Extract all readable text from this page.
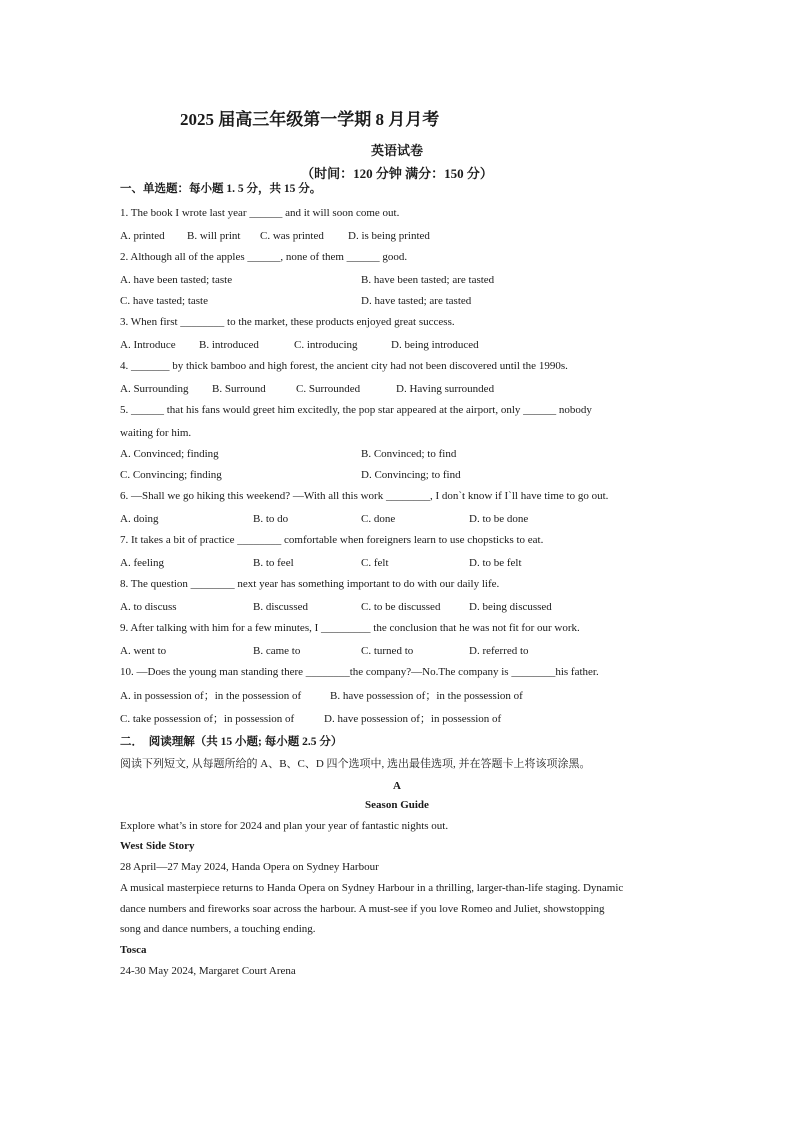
2025 届高三年级第一学期 8 月月考
英语试卷
（时间：120 分钟 满分：150 分）
一、单选题：每小题 1. 5 分，共 15 分。
1. The book I wrote last year ______ and it will soon come out.
A. printed B. will print C. was printed D. is being printed
2. Although all of the apples ______, none of them ______ good.
A. have been tasted; taste	B. have been tasted; are tasted
C. have tasted; taste	D. have tasted; are tasted
3. When first ________ to the market, these products enjoyed great success.
A. Introduce B. introduced	C. introducing	D. being introduced
4. _______ by thick bamboo and high forest, the ancient city had not been discovered until the 1990s.
A. Surrounding B. Surround	C. Surrounded	D. Having surrounded
5. ______ that his fans would greet him excitedly, the pop star appeared at the airport, only ______ nobody
waiting for him.
A. Convinced; finding	B. Convinced; to find
C. Convincing; finding	D. Convincing; to find
6. —Shall we go hiking this weekend? —With all this work ________, I don`t know if I`ll have time to go out.
A. doing	B. to do	C. done	D. to be done
7. It takes a bit of practice ________ comfortable when foreigners learn to use chopsticks to eat.
A. feeling	B. to feel	C. felt	D. to be felt
8. The question ________ next year has something important to do with our daily life.
A. to discuss	B. discussed	C. to be discussed	D. being discussed
9. After talking with him for a few minutes, I _________ the conclusion that he was not fit for our work.
A. went to	B. came to	C. turned to	D. referred to
10. —Does the young man standing there ________the company?—No.The company is ________his father.
A. in possession of；in the possession of	B. have possession of；in the possession of
C. take possession of；in possession of	D. have possession of；in possession of
二．  阅读理解（共 15 小题; 每小题 2.5 分）
阅读下列短文, 从每题所给的 A、B、C、D 四个选项中, 选出最佳选项, 并在答题卡上将该项涂黑。
A
Season Guide
Explore what’s in store for 2024 and plan your year of fantastic nights out.
West Side Story
28 April—27 May 2024, Handa Opera on Sydney Harbour
A musical masterpiece returns to Handa Opera on Sydney Harbour in a thrilling, larger-than-life staging. Dynamic
dance numbers and fireworks soar across the harbour. A must-see if you love Romeo and Juliet, showstopping
song and dance numbers, a touching ending.
Tosca
24-30 May 2024, Margaret Court Arena
